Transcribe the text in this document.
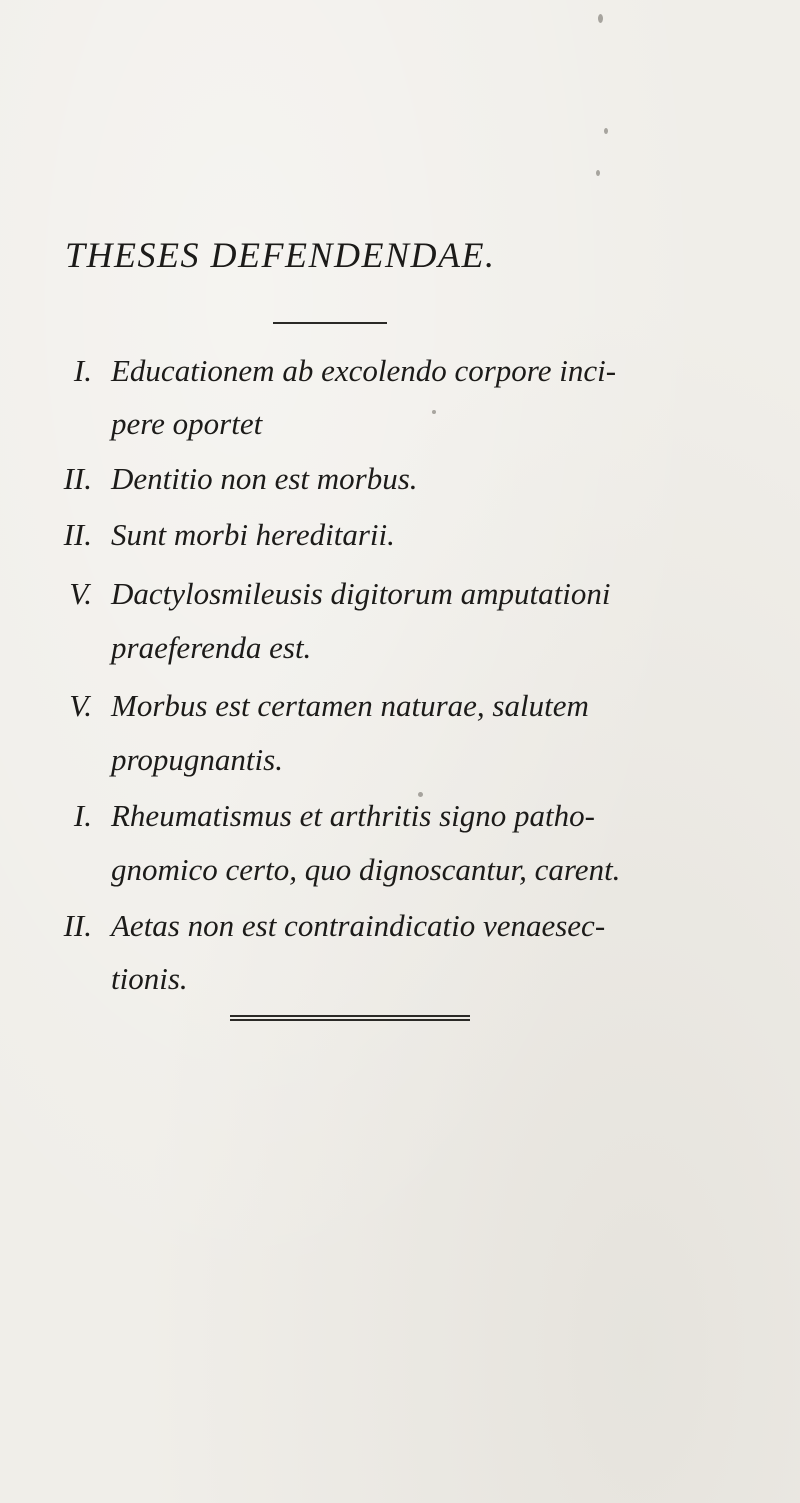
THESES DEFENDENDAE.
I. Educationem ab excolendo corpore inci-
pere oportet
II. Dentitio non est morbus.
II. Sunt morbi hereditarii.
V. Dactylosmileusis digitorum amputationi
praeferenda est.
V. Morbus est certamen naturae, salutem
propugnantis.
I. Rheumatismus et arthritis signo patho-
gnomico certo, quo dignoscantur, carent.
II. Aetas non est contraindicatio venaesec-
tionis.
